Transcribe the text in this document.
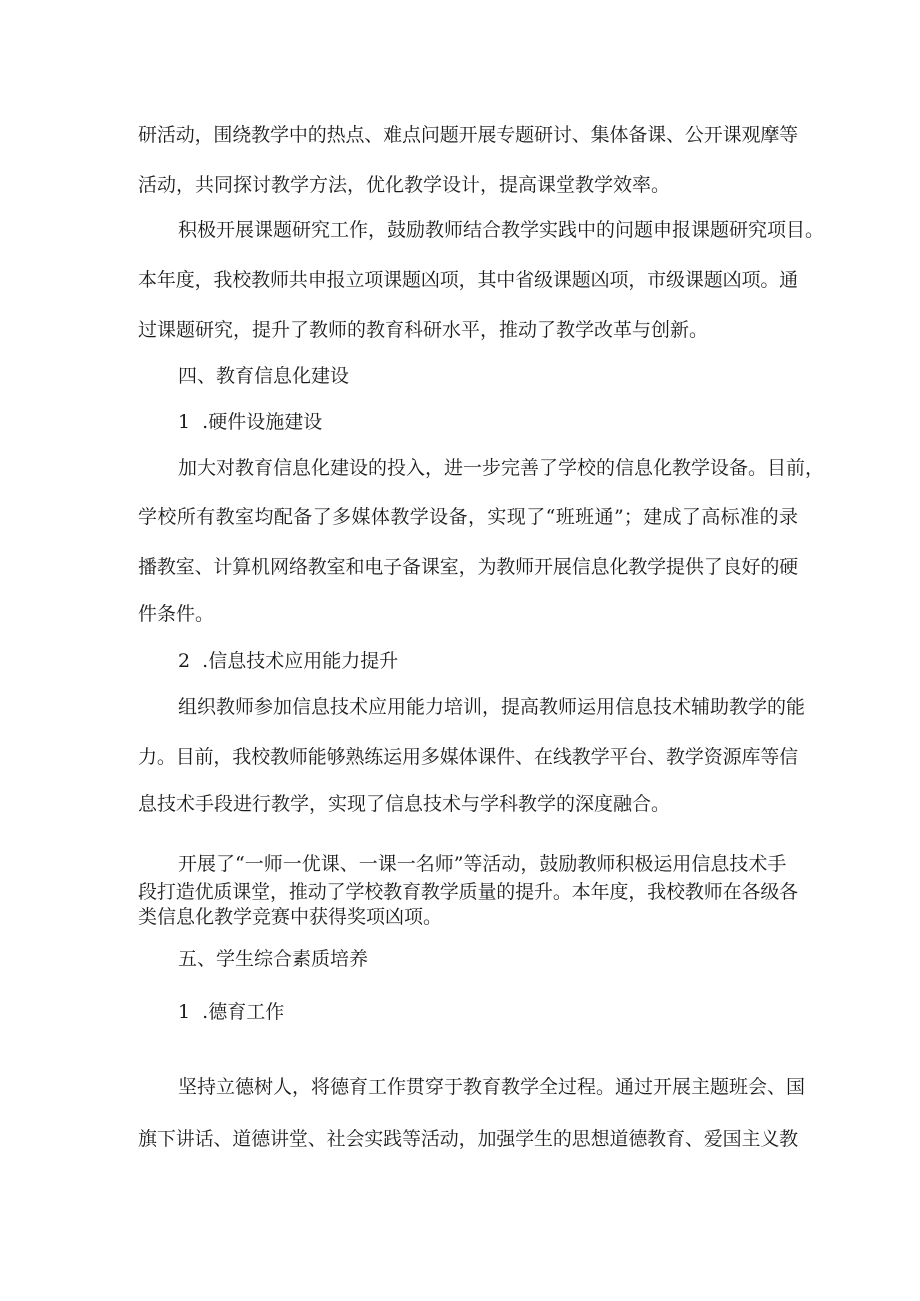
研活动，围绕教学中的热点、难点问题开展专题研讨、集体备课、公开课观摩等
活动，共同探讨教学方法，优化教学设计，提高课堂教学效率。
积极开展课题研究工作，鼓励教师结合教学实践中的问题申报课题研究项目。
本年度，我校教师共申报立项课题凶项，其中省级课题凶项，市级课题凶项。通
过课题研究，提升了教师的教育科研水平，推动了教学改革与创新。
四、教育信息化建设
1  .硬件设施建设
加大对教育信息化建设的投入，进一步完善了学校的信息化教学设备。目前，
学校所有教室均配备了多媒体教学设备，实现了“班班通”；建成了高标准的录
播教室、计算机网络教室和电子备课室，为教师开展信息化教学提供了良好的硬
件条件。
2  .信息技术应用能力提升
组织教师参加信息技术应用能力培训，提高教师运用信息技术辅助教学的能
力。目前，我校教师能够熟练运用多媒体课件、在线教学平台、教学资源库等信
息技术手段进行教学，实现了信息技术与学科教学的深度融合。
开展了“一师一优课、一课一名师”等活动，鼓励教师积极运用信息技术手
段打造优质课堂，推动了学校教育教学质量的提升。本年度，我校教师在各级各
类信息化教学竞赛中获得奖项凶项。
五、学生综合素质培养
1  .德育工作
坚持立德树人，将德育工作贯穿于教育教学全过程。通过开展主题班会、国
旗下讲话、道德讲堂、社会实践等活动，加强学生的思想道德教育、爱国主义教
